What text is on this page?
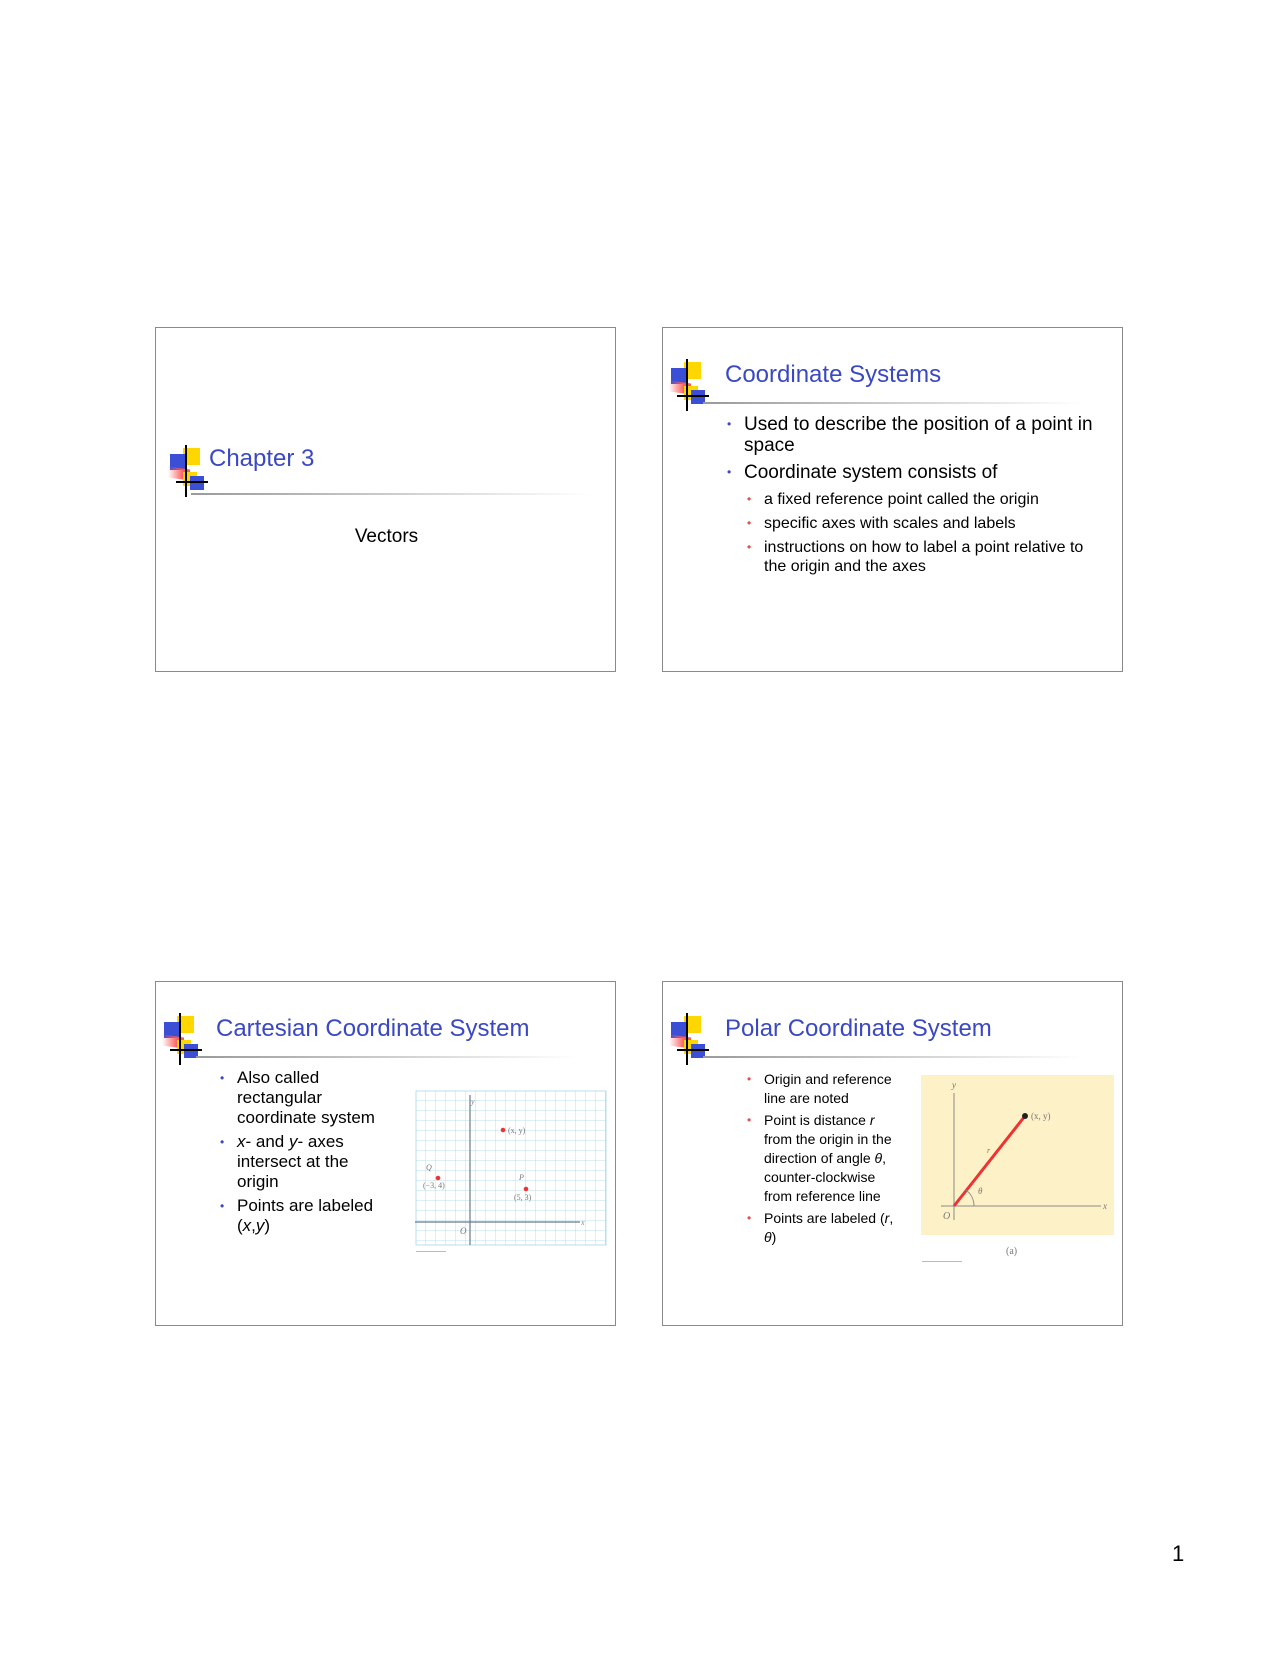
Chapter 3
Vectors
Coordinate Systems
• Used to describe the position of a point in space
• Coordinate system consists of
• a fixed reference point called the origin
• specific axes with scales and labels
• instructions on how to label a point relative to the origin and the axes
Cartesian Coordinate System
• Also called rectangular coordinate system
• x- and y- axes intersect at the origin
• Points are labeled (x,y)
y
x
O
(x, y)
Q
(−3, 4)
P
(5, 3)
Polar Coordinate System
• Origin and reference line are noted
• Point is distance r from the origin in the direction of angle θ, counter-clockwise from reference line
• Points are labeled (r, θ)
y
x
O
(x, y)
r
θ
(a)
1
